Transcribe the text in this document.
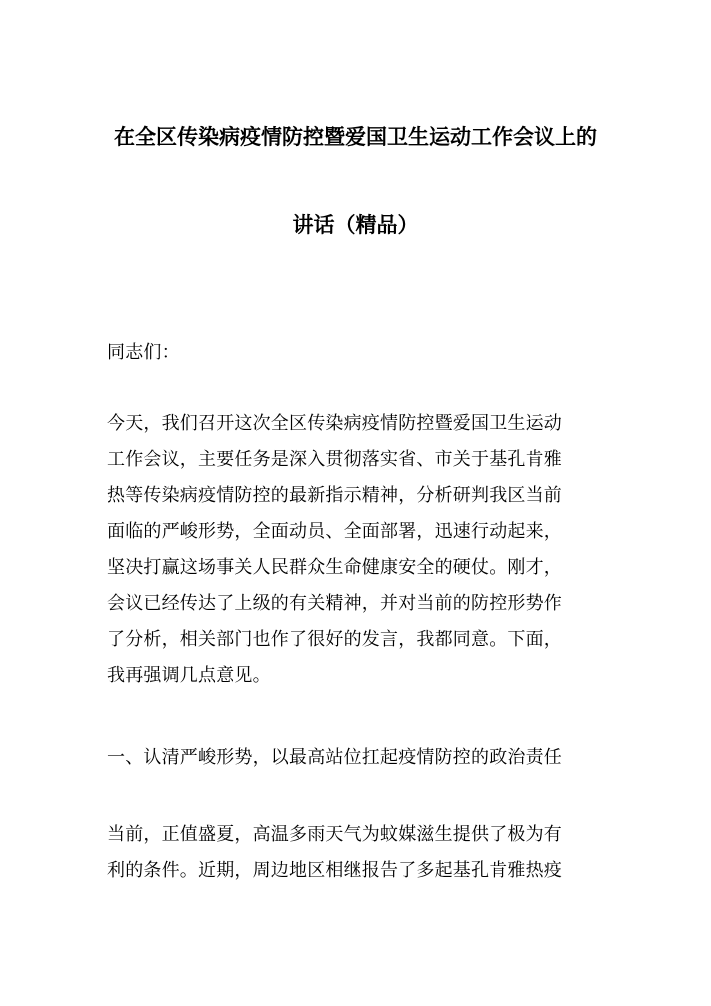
在全区传染病疫情防控暨爱国卫生运动工作会议上的
讲话（精品）
同志们：
今天，我们召开这次全区传染病疫情防控暨爱国卫生运动
工作会议，主要任务是深入贯彻落实省、市关于基孔肯雅
热等传染病疫情防控的最新指示精神，分析研判我区当前
面临的严峻形势，全面动员、全面部署，迅速行动起来，
坚决打赢这场事关人民群众生命健康安全的硬仗。刚才，
会议已经传达了上级的有关精神，并对当前的防控形势作
了分析，相关部门也作了很好的发言，我都同意。下面，
我再强调几点意见。
一、认清严峻形势，以最高站位扛起疫情防控的政治责任
当前，正值盛夏，高温多雨天气为蚊媒滋生提供了极为有
利的条件。近期，周边地区相继报告了多起基孔肯雅热疫
